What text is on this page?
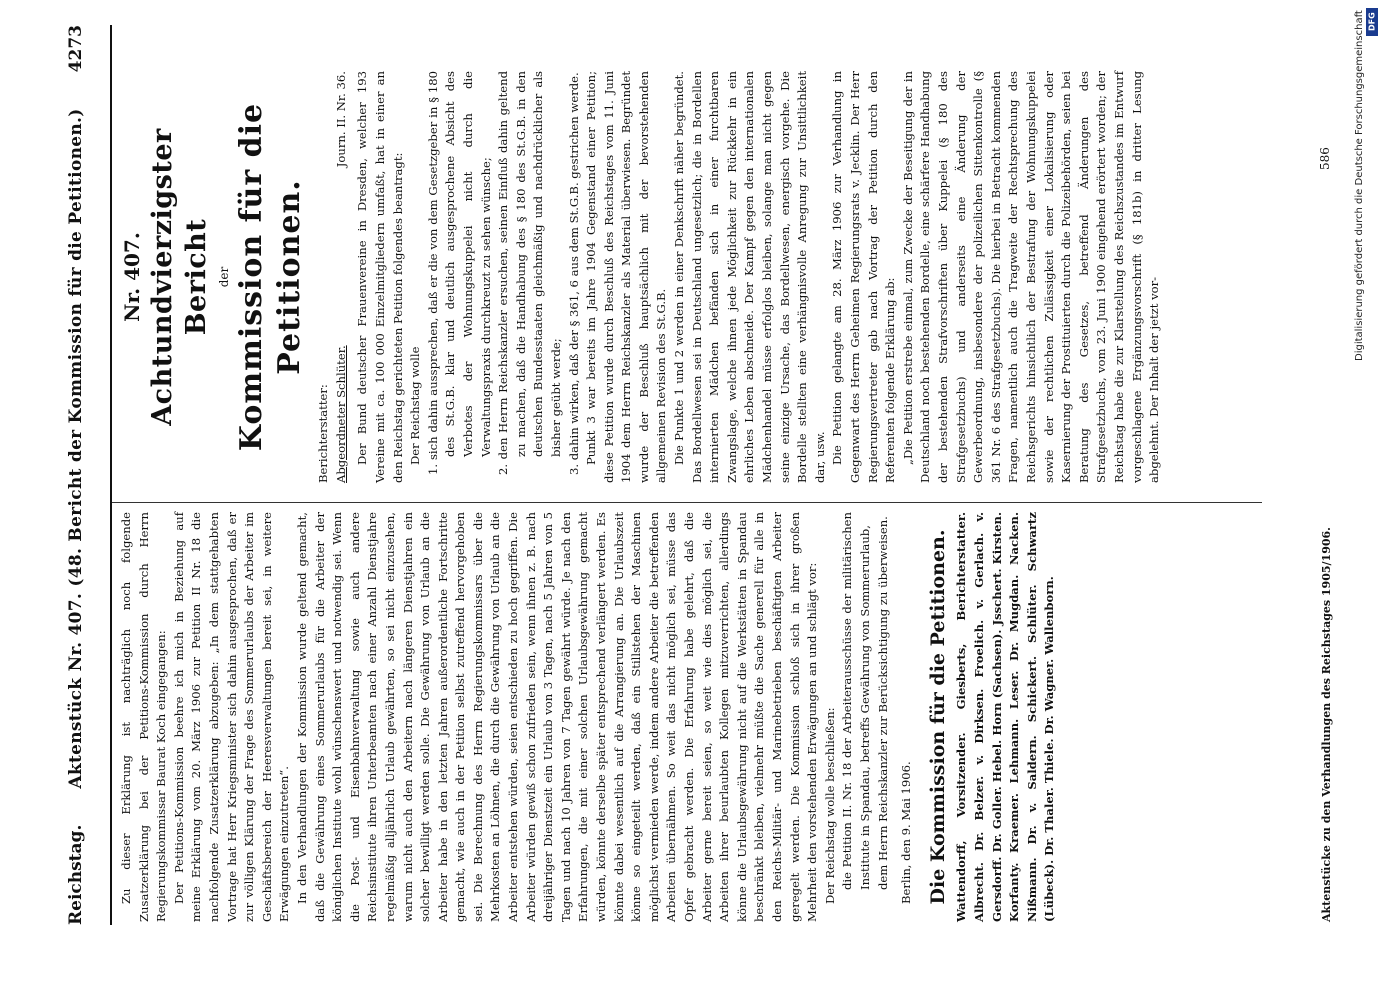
Reichstag.
Aktenstück Nr. 407. (48. Bericht der Kommission für die Petitionen.)
4273

Zu dieser Erklärung ist nachträglich noch folgende Zusatzerklärung bei der Petitions-Kommission durch Herrn Regierungskommissar Baurat Koch eingegangen: Der Petitions-Kommission beehre ich mich in Beziehung auf meine Erklärung vom 20. März 1906 zur Petition II Nr. 18 die nachfolgende Zusatzerklärung abzugeben: „In dem stattgehabten Vortrage hat Herr Kriegsminister sich dahin ausgesprochen, daß er zur völligen Klärung der Frage des Sommerurlaubs der Arbeiter im Geschäftsbereich der Heeresverwaltungen bereit sei, in weitere Erwägungen einzutreten“. In den Verhandlungen der Kommission wurde geltend gemacht, daß die Gewährung eines Sommerurlaubs für die Arbeiter der königlichen Institute wohl wünschenswert und notwendig sei. Wenn die Post- und Eisenbahnverwaltung sowie auch andere Reichsinstitute ihren Unterbeamten nach einer Anzahl Dienstjahre regelmäßig alljährlich Urlaub gewährten, so sei nicht einzusehen, warum nicht auch den Arbeitern nach längeren Dienstjahren ein solcher bewilligt werden solle. Die Gewährung von Urlaub an die Arbeiter habe in den letzten Jahren außerordentliche Fortschritte gemacht, wie auch in der Petition selbst zutreffend hervorgehoben sei. Die Berechnung des Herrn Regierungskommissars über die Mehrkosten an Löhnen, die durch die Gewährung von Urlaub an die Arbeiter entstehen würden, seien entschieden zu hoch gegriffen. Die Arbeiter würden gewiß schon zufrieden sein, wenn ihnen z. B. nach dreijähriger Dienstzeit ein Urlaub von 3 Tagen, nach 5 Jahren von 5 Tagen und nach 10 Jahren von 7 Tagen gewährt würde. Je nach den Erfahrungen, die mit einer solchen Urlaubsgewährung gemacht würden, könnte derselbe später entsprechend verlängert werden. Es könnte dabei wesentlich auf die Arrangierung an. Die Urlaubszeit könne so eingeteilt werden, daß ein Stillstehen der Maschinen möglichst vermieden werde, indem andere Arbeiter die betreffenden Arbeiten übernähmen. So weit das nicht möglich sei, müsse das Opfer gebracht werden. Die Erfahrung habe gelehrt, daß die Arbeiter gerne bereit seien, so weit wie dies möglich sei, die Arbeiten ihrer beurlaubten Kollegen mitzuverrichten, allerdings könne die Urlaubsgewährung nicht auf die Werkstätten in Spandau beschränkt bleiben, vielmehr müßte die Sache generell für alle in den Reichs-Militär- und Marinebetrieben beschäftigten Arbeiter geregelt werden. Die Kommission schloß sich in ihrer großen Mehrheit den vorstehenden Erwägungen an und schlägt vor: Der Reichstag wolle beschließen: die Petition II. Nr. 18 der Arbeiterausschüsse der militärischen Institute in Spandau, betreffs Gewährung von Sommerurlaub, dem Herrn Reichskanzler zur Berücksichtigung zu überweisen. Berlin, den 9. Mai 1906. Die Kommission für die Petitionen. Wattendorff, Vorsitzender. Giesberts, Berichterstatter. Albrecht. Dr. Belzer. v. Dirksen. Froelich. v. Gerlach. v. Gersdorff. Dr. Goller. Hebel. Horn (Sachsen). Jsschert. Kirsten. Korfanty. Kraemer. Lehmann. Leser. Dr. Mugdan. Nacken. Nißmann. Dr. v. Saldern. Schickert. Schlüter. Schwartz (Lübeck). Dr. Thaler. Thiele. Dr. Wagner. Wallenborn.

Nr. 407. Achtundvierzigster Bericht der Kommission für die Petitionen.
Berichterstatter: Abgeordneter Schlüter.
Journ. II. Nr. 36. Der Bund deutscher Frauenvereine in Dresden, welcher 193 Vereine mit ca. 100 000 Einzelmitgliedern umfaßt, hat in einer an den Reichstag gerichteten Petition folgendes beantragt: Der Reichstag wolle 1. sich dahin aussprechen, daß er die von dem Gesetzgeber in § 180 des St.G.B. klar und deutlich ausgesprochene Absicht des Verbotes der Wohnungskuppelei nicht durch die Verwaltungspraxis durchkreuzt zu sehen wünsche; 2. den Herrn Reichskanzler ersuchen, seinen Einfluß dahin geltend zu machen, daß die Handhabung des § 180 des St.G.B. in den deutschen Bundesstaaten gleichmäßig und nachdrücklicher als bisher geübt werde; 3. dahin wirken, daß der § 361, 6 aus dem St.G.B. gestrichen werde. Punkt 3 war bereits im Jahre 1904 Gegenstand einer Petition; diese Petition wurde durch Beschluß des Reichstages vom 11. Juni 1904 dem Herrn Reichskanzler als Material überwiesen. Begründet wurde der Beschluß hauptsächlich mit der bevorstehenden allgemeinen Revision des St.G.B. Die Punkte 1 und 2 werden in einer Denkschrift näher begründet. Das Bordellwesen sei in Deutschland ungesetzlich; die in Bordellen internierten Mädchen befänden sich in einer furchtbaren Zwangslage, welche ihnen jede Möglichkeit zur Rückkehr in ein ehrliches Leben abschneide. Der Kampf gegen den internationalen Mädchenhandel müsse erfolglos bleiben, solange man nicht gegen seine einzige Ursache, das Bordellwesen, energisch vorgehe. Die Bordelle stellten eine verhängnisvolle Anregung zur Unsittlichkeit dar, usw. Die Petition gelangte am 28. März 1906 zur Verhandlung in Gegenwart des Herrn Geheimen Regierungsrats v. Jecklin. Der Herr Regierungsvertreter gab nach Vortrag der Petition durch den Referenten folgende Erklärung ab: „Die Petition erstrebe einmal, zum Zwecke der Beseitigung der in Deutschland noch bestehenden Bordelle, eine schärfere Handhabung der bestehenden Strafvorschriften über Kuppelei (§ 180 des Strafgesetzbuchs) und anderseits eine Änderung der Gewerbeordnung, insbesondere der polizeilichen Sittenkontrolle (§ 361 Nr. 6 des Strafgesetzbuchs). Die hierbei in Betracht kommenden Fragen, namentlich auch die Tragweite der Rechtsprechung des Reichsgerichts hinsichtlich der Bestrafung der Wohnungskuppelei sowie der rechtlichen Zulässigkeit einer Lokalisierung oder Kasernierung der Prostituierten durch die Polizeibehörden, seien bei Beratung des Gesetzes, betreffend Änderungen des Strafgesetzbuchs, vom 23. Juni 1900 eingehend erörtert worden; der Reichstag habe die zur Klarstellung des Reichszustandes im Entwurf vorgeschlagene Ergänzungsvorschrift (§ 181b) in dritter Lesung abgelehnt. Der Inhalt der jetzt vor-

Aktenstücke zu den Verhandlungen des Reichstages 1905/1906.
586 Digitalisierung gefördert durch die Deutsche Forschungsgemeinschaft DFG
